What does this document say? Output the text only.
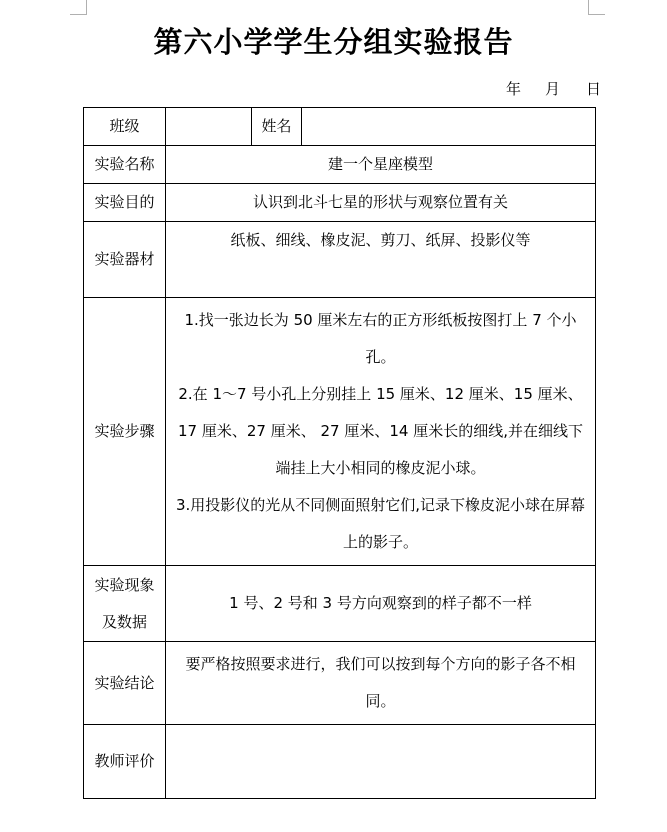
第六小学学生分组实验报告
年 月 日
班级		姓名	
实验名称	建一个星座模型		
实验目的	认识到北斗七星的形状与观察位置有关		
实验器材	纸板、细线、橡皮泥、剪刀、纸屏、投影仪等		
实验步骤	1.找一张边长为 50 厘米左右的正方形纸板按图打上 7 个小孔。

2.在 1～7 号小孔上分别挂上 15 厘米、12 厘米、15 厘米、17 厘米、27 厘米、 27 厘米、14 厘米长的细线,并在细线下端挂上大小相同的橡皮泥小球。

3.用投影仪的光从不同侧面照射它们,记录下橡皮泥小球在屏幕上的影子。		

实验现象
及数据	1 号、2 号和 3 号方向观察到的样子都不一样		
实验结论	要严格按照要求进行，我们可以按到每个方向的影子各不相同。		
教师评价			
